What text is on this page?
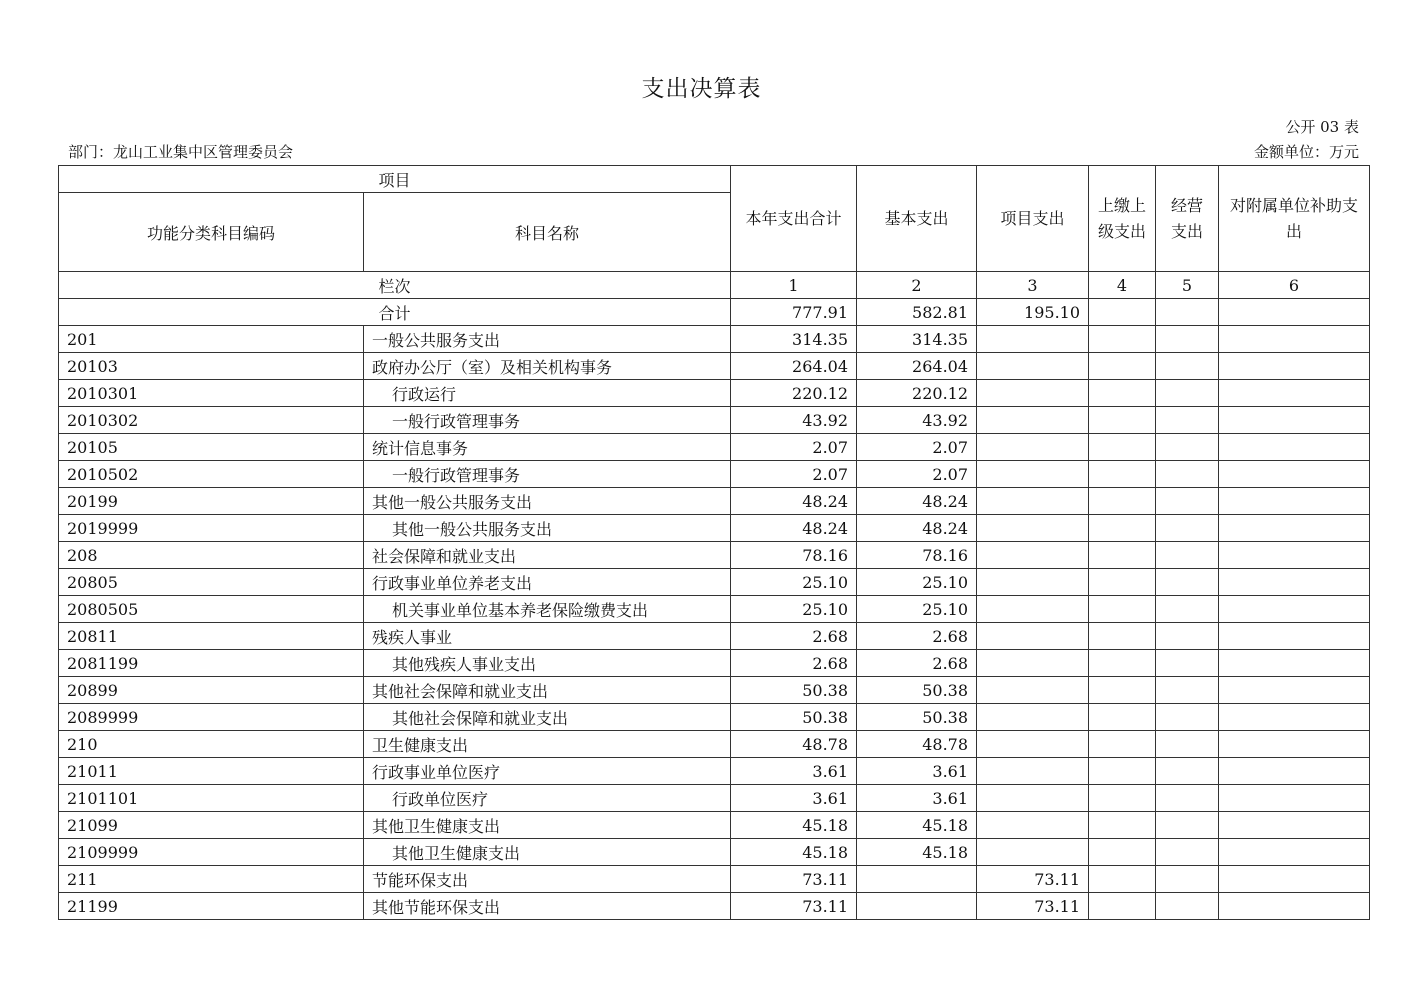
支出决算表
公开 03 表
部门：龙山工业集中区管理委员会	金额单位：万元
项目		本年支出合计	基本支出	项目支出	上缴上级支出	经营支出	对附属单位补助支出
功能分类科目编码	科目名称						
栏次		1	2	3	4	5	6
合计		777.91	582.81	195.10			
201	一般公共服务支出	314.35	314.35				
20103	政府办公厅（室）及相关机构事务	264.04	264.04				
2010301	行政运行	220.12	220.12				
2010302	一般行政管理事务	43.92	43.92				
20105	统计信息事务	2.07	2.07				
2010502	一般行政管理事务	2.07	2.07				
20199	其他一般公共服务支出	48.24	48.24				
2019999	其他一般公共服务支出	48.24	48.24				
208	社会保障和就业支出	78.16	78.16				
20805	行政事业单位养老支出	25.10	25.10				
2080505	机关事业单位基本养老保险缴费支出	25.10	25.10				
20811	残疾人事业	2.68	2.68				
2081199	其他残疾人事业支出	2.68	2.68				
20899	其他社会保障和就业支出	50.38	50.38				
2089999	其他社会保障和就业支出	50.38	50.38				
210	卫生健康支出	48.78	48.78				
21011	行政事业单位医疗	3.61	3.61				
2101101	行政单位医疗	3.61	3.61				
21099	其他卫生健康支出	45.18	45.18				
2109999	其他卫生健康支出	45.18	45.18				
211	节能环保支出	73.11		73.11			
21199	其他节能环保支出	73.11		73.11			
